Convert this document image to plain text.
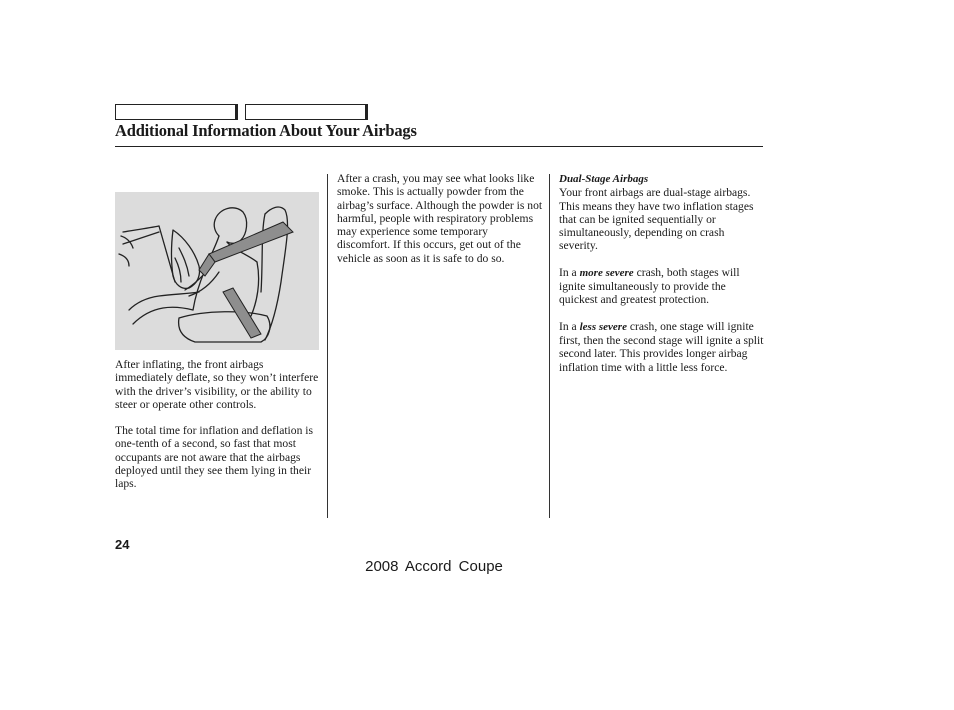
Additional Information About Your Airbags

After inflating, the front airbags immediately deflate, so they won’t interfere with the driver’s visibility, or the ability to steer or operate other controls.

The total time for inflation and deflation is one-tenth of a second, so fast that most occupants are not aware that the airbags deployed until they see them lying in their laps.

After a crash, you may see what looks like smoke. This is actually powder from the airbag’s surface. Although the powder is not harmful, people with respiratory problems may experience some temporary discomfort. If this occurs, get out of the vehicle as soon as it is safe to do so.

Dual-Stage Airbags
Your front airbags are dual-stage airbags. This means they have two inflation stages that can be ignited sequentially or simultaneously, depending on crash severity.

In a more severe crash, both stages will ignite simultaneously to provide the quickest and greatest protection.

In a less severe crash, one stage will ignite first, then the second stage will ignite a split second later. This provides longer airbag inflation time with a little less force.

24
2008 Accord Coupe
